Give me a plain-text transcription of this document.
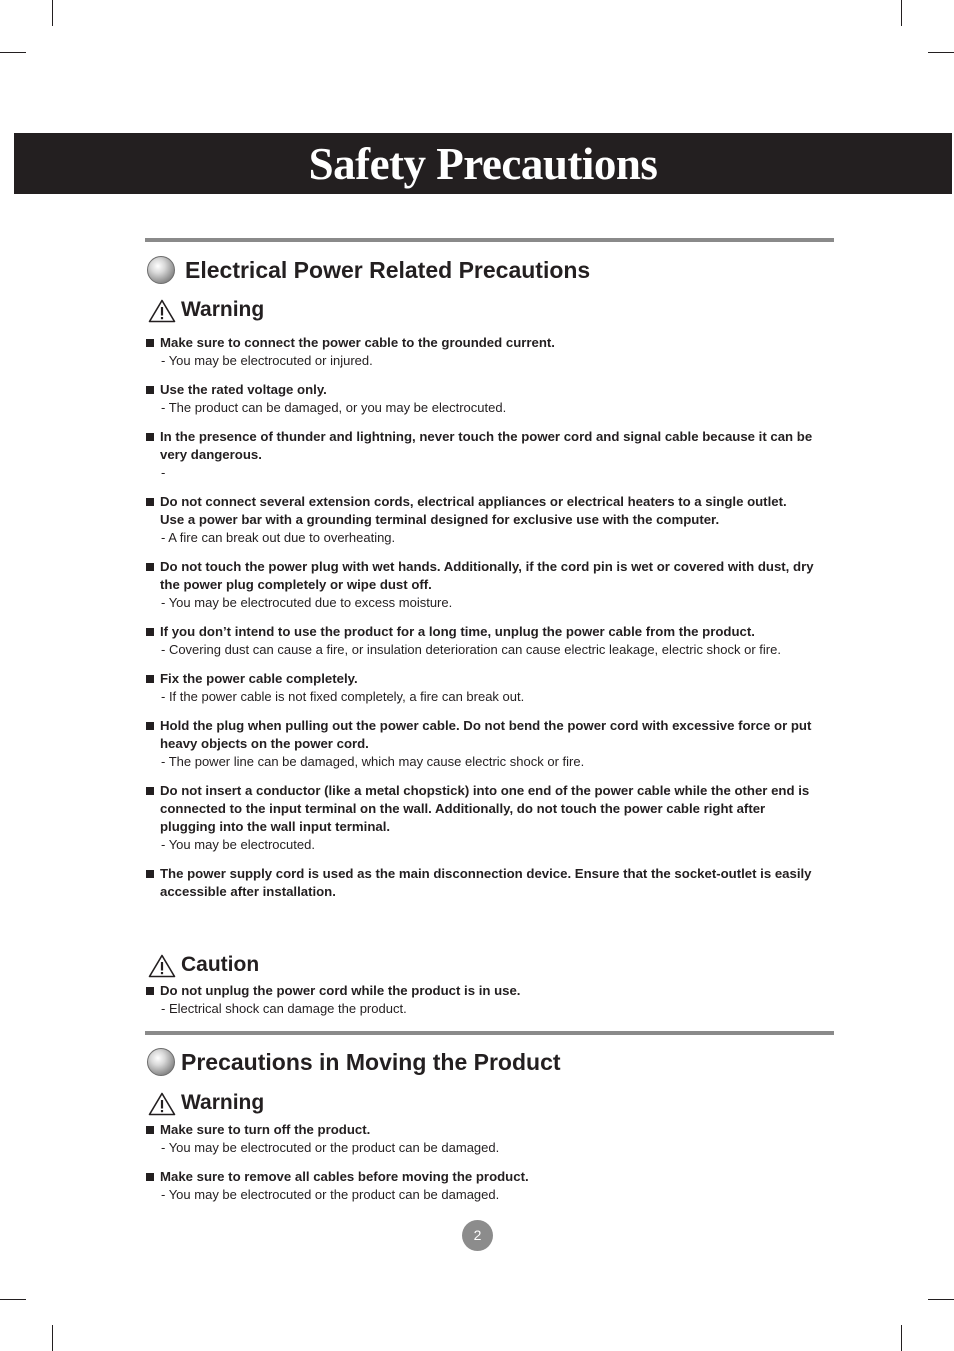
Safety Precautions
Electrical Power Related Precautions
Warning
Make sure to connect the power cable to the grounded current.
- You may be electrocuted or injured.
Use the rated voltage only.
- The product can be damaged, or you may be electrocuted.
In the presence of thunder and lightning, never touch the power cord and signal cable because it can be
very dangerous.
-
Do not connect several extension cords, electrical appliances or electrical heaters to a single outlet.
Use a power bar with a grounding terminal designed for exclusive use with the computer.
- A fire can break out due to overheating.
Do not touch the power plug with wet hands. Additionally, if the cord pin is wet or covered with dust, dry
the power plug completely or wipe dust off.
- You may be electrocuted due to excess moisture.
If you don’t intend to use the product for a long time, unplug the power cable from the product.
- Covering dust can cause a fire, or insulation deterioration can cause electric leakage, electric shock or fire.
Fix the power cable completely.
- If the power cable is not fixed completely, a fire can break out.
Hold the plug when pulling out the power cable. Do not bend the power cord with excessive force or put
heavy objects on the power cord.
- The power line can be damaged, which may cause electric shock or fire.
Do not insert a conductor (like a metal chopstick) into one end of the power cable while the other end is
connected to the input terminal on the wall. Additionally, do not touch the power cable right after
plugging into the wall input terminal.
- You may be electrocuted.
The power supply cord is used as the main disconnection device. Ensure that the socket-outlet is easily
accessible after installation.
Caution
Do not unplug the power cord while the product is in use.
- Electrical shock can damage the product.
Precautions in Moving the Product
Warning
Make sure to turn off the product.
- You may be electrocuted or the product can be damaged.
Make sure to remove all cables before moving the product.
- You may be electrocuted or the product can be damaged.
2
